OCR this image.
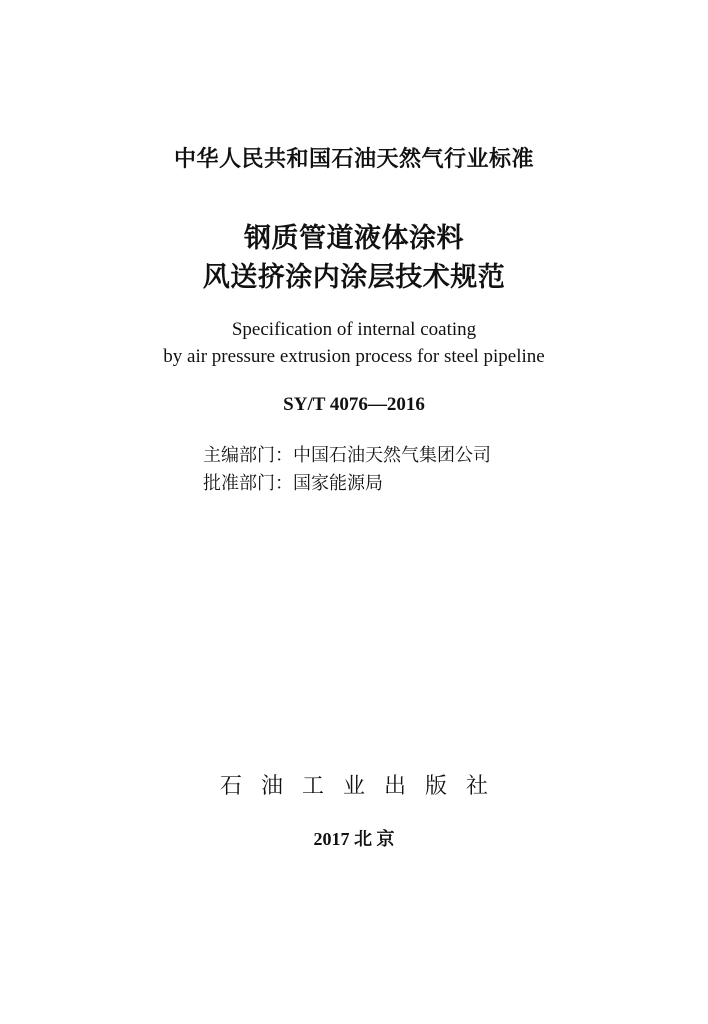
中华人民共和国石油天然气行业标准
钢质管道液体涂料
风送挤涂内涂层技术规范
Specification of internal coating
by air pressure extrusion process for steel pipeline
SY/T 4076—2016
主编部门：中国石油天然气集团公司
批准部门：国家能源局
石油工业出版社
2017 北 京
